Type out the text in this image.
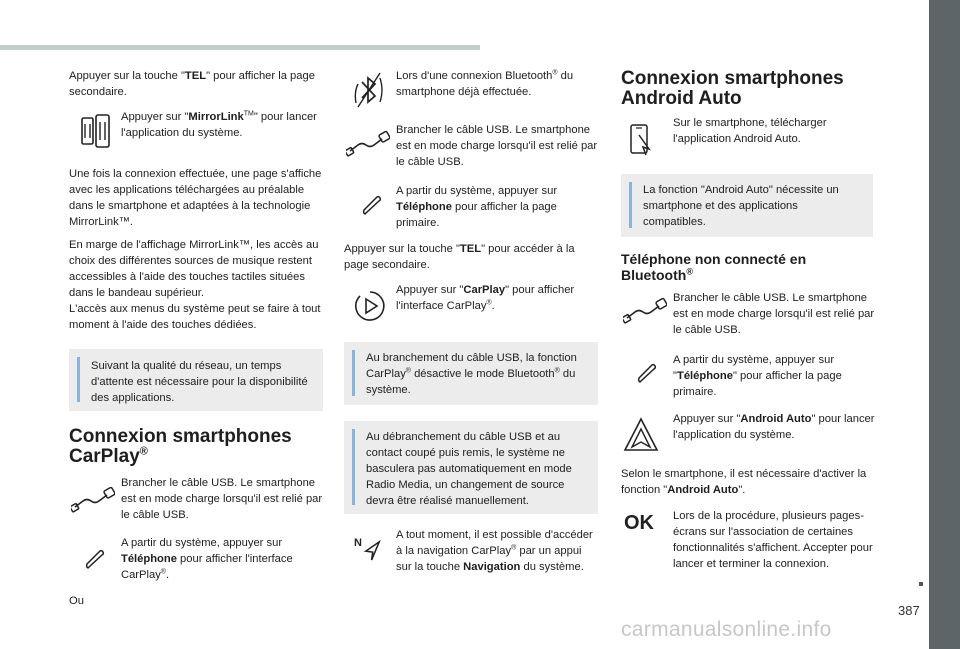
387
carmanualsonline.info

Appuyer sur la touche "TEL" pour afficher la page secondaire.

Appuyer sur "MirrorLink™" pour lancer l'application du système.

Une fois la connexion effectuée, une page s'affiche avec les applications téléchargées au préalable dans le smartphone et adaptées à la technologie MirrorLink™.

En marge de l'affichage MirrorLink™, les accès au choix des différentes sources de musique restent accessibles à l'aide des touches tactiles situées dans le bandeau supérieur.

L'accès aux menus du système peut se faire à tout moment à l'aide des touches dédiées.

Suivant la qualité du réseau, un temps d'attente est nécessaire pour la disponibilité des applications.

Connexion smartphones CarPlay®

Brancher le câble USB. Le smartphone est en mode charge lorsqu'il est relié par le câble USB.

A partir du système, appuyer sur Téléphone pour afficher l'interface CarPlay®.

Ou

Lors d'une connexion Bluetooth® du smartphone déjà effectuée.

Brancher le câble USB. Le smartphone est en mode charge lorsqu'il est relié par le câble USB.

A partir du système, appuyer sur Téléphone pour afficher la page primaire.

Appuyer sur la touche "TEL" pour accéder à la page secondaire.

Appuyer sur "CarPlay" pour afficher l'interface CarPlay®.

Au branchement du câble USB, la fonction CarPlay® désactive le mode Bluetooth® du système.

Au débranchement du câble USB et au contact coupé puis remis, le système ne basculera pas automatiquement en mode Radio Media, un changement de source devra être réalisé manuellement.

N

A tout moment, il est possible d'accéder à la navigation CarPlay® par un appui sur la touche Navigation du système.

Connexion smartphones Android Auto

Sur le smartphone, télécharger l'application Android Auto.

La fonction "Android Auto" nécessite un smartphone et des applications compatibles.

Téléphone non connecté en Bluetooth®

Brancher le câble USB. Le smartphone est en mode charge lorsqu'il est relié par le câble USB.

A partir du système, appuyer sur "Téléphone" pour afficher la page primaire.

Appuyer sur "Android Auto" pour lancer l'application du système.

Selon le smartphone, il est nécessaire d'activer la fonction "Android Auto".

OK Lors de la procédure, plusieurs pages-écrans sur l'association de certaines fonctionnalités s'affichent. Accepter pour lancer et terminer la connexion.
